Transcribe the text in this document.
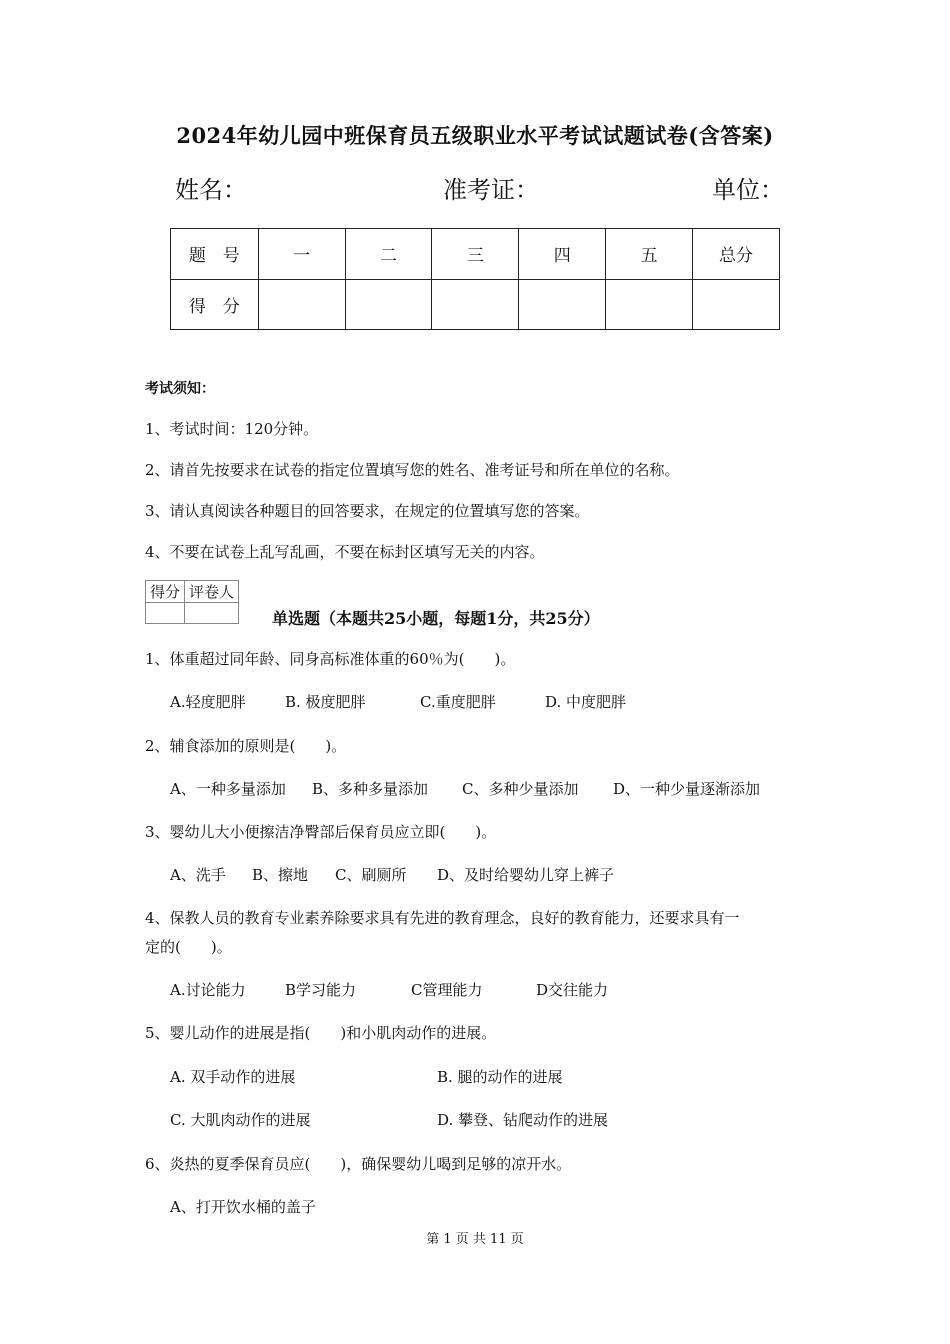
2024年幼儿园中班保育员五级职业水平考试试题试卷(含答案)
姓名：	准考证：	单位：
题　号	一	二	三	四	五	总分
得　分						
考试须知：
1、考试时间：120分钟。
2、请首先按要求在试卷的指定位置填写您的姓名、准考证号和所在单位的名称。
3、请认真阅读各种题目的回答要求，在规定的位置填写您的答案。
4、不要在试卷上乱写乱画，不要在标封区填写无关的内容。
得分	评卷人

单选题（本题共25小题，每题1分，共25分）
1、体重超过同年龄、同身高标准体重的60％为(　　)。
A.轻度肥胖	B. 极度肥胖	C.重度肥胖	D. 中度肥胖
2、辅食添加的原则是(　　)。
A、一种多量添加 B、多种多量添加 C、多种少量添加 D、一种少量逐渐添加
3、婴幼儿大小便擦洁净臀部后保育员应立即(　　)。
A、洗手 B、擦地 C、刷厕所 D、及时给婴幼儿穿上裤子
4、保教人员的教育专业素养除要求具有先进的教育理念，良好的教育能力，还要求具有一
定的(　　)。
A.讨论能力	B学习能力	C管理能力	D交往能力
5、婴儿动作的进展是指(　　)和小肌肉动作的进展。
A. 双手动作的进展	B. 腿的动作的进展
C. 大肌肉动作的进展	D. 攀登、钻爬动作的进展
6、炎热的夏季保育员应(　　)，确保婴幼儿喝到足够的凉开水。
A、打开饮水桶的盖子
第 1 页 共 11 页
